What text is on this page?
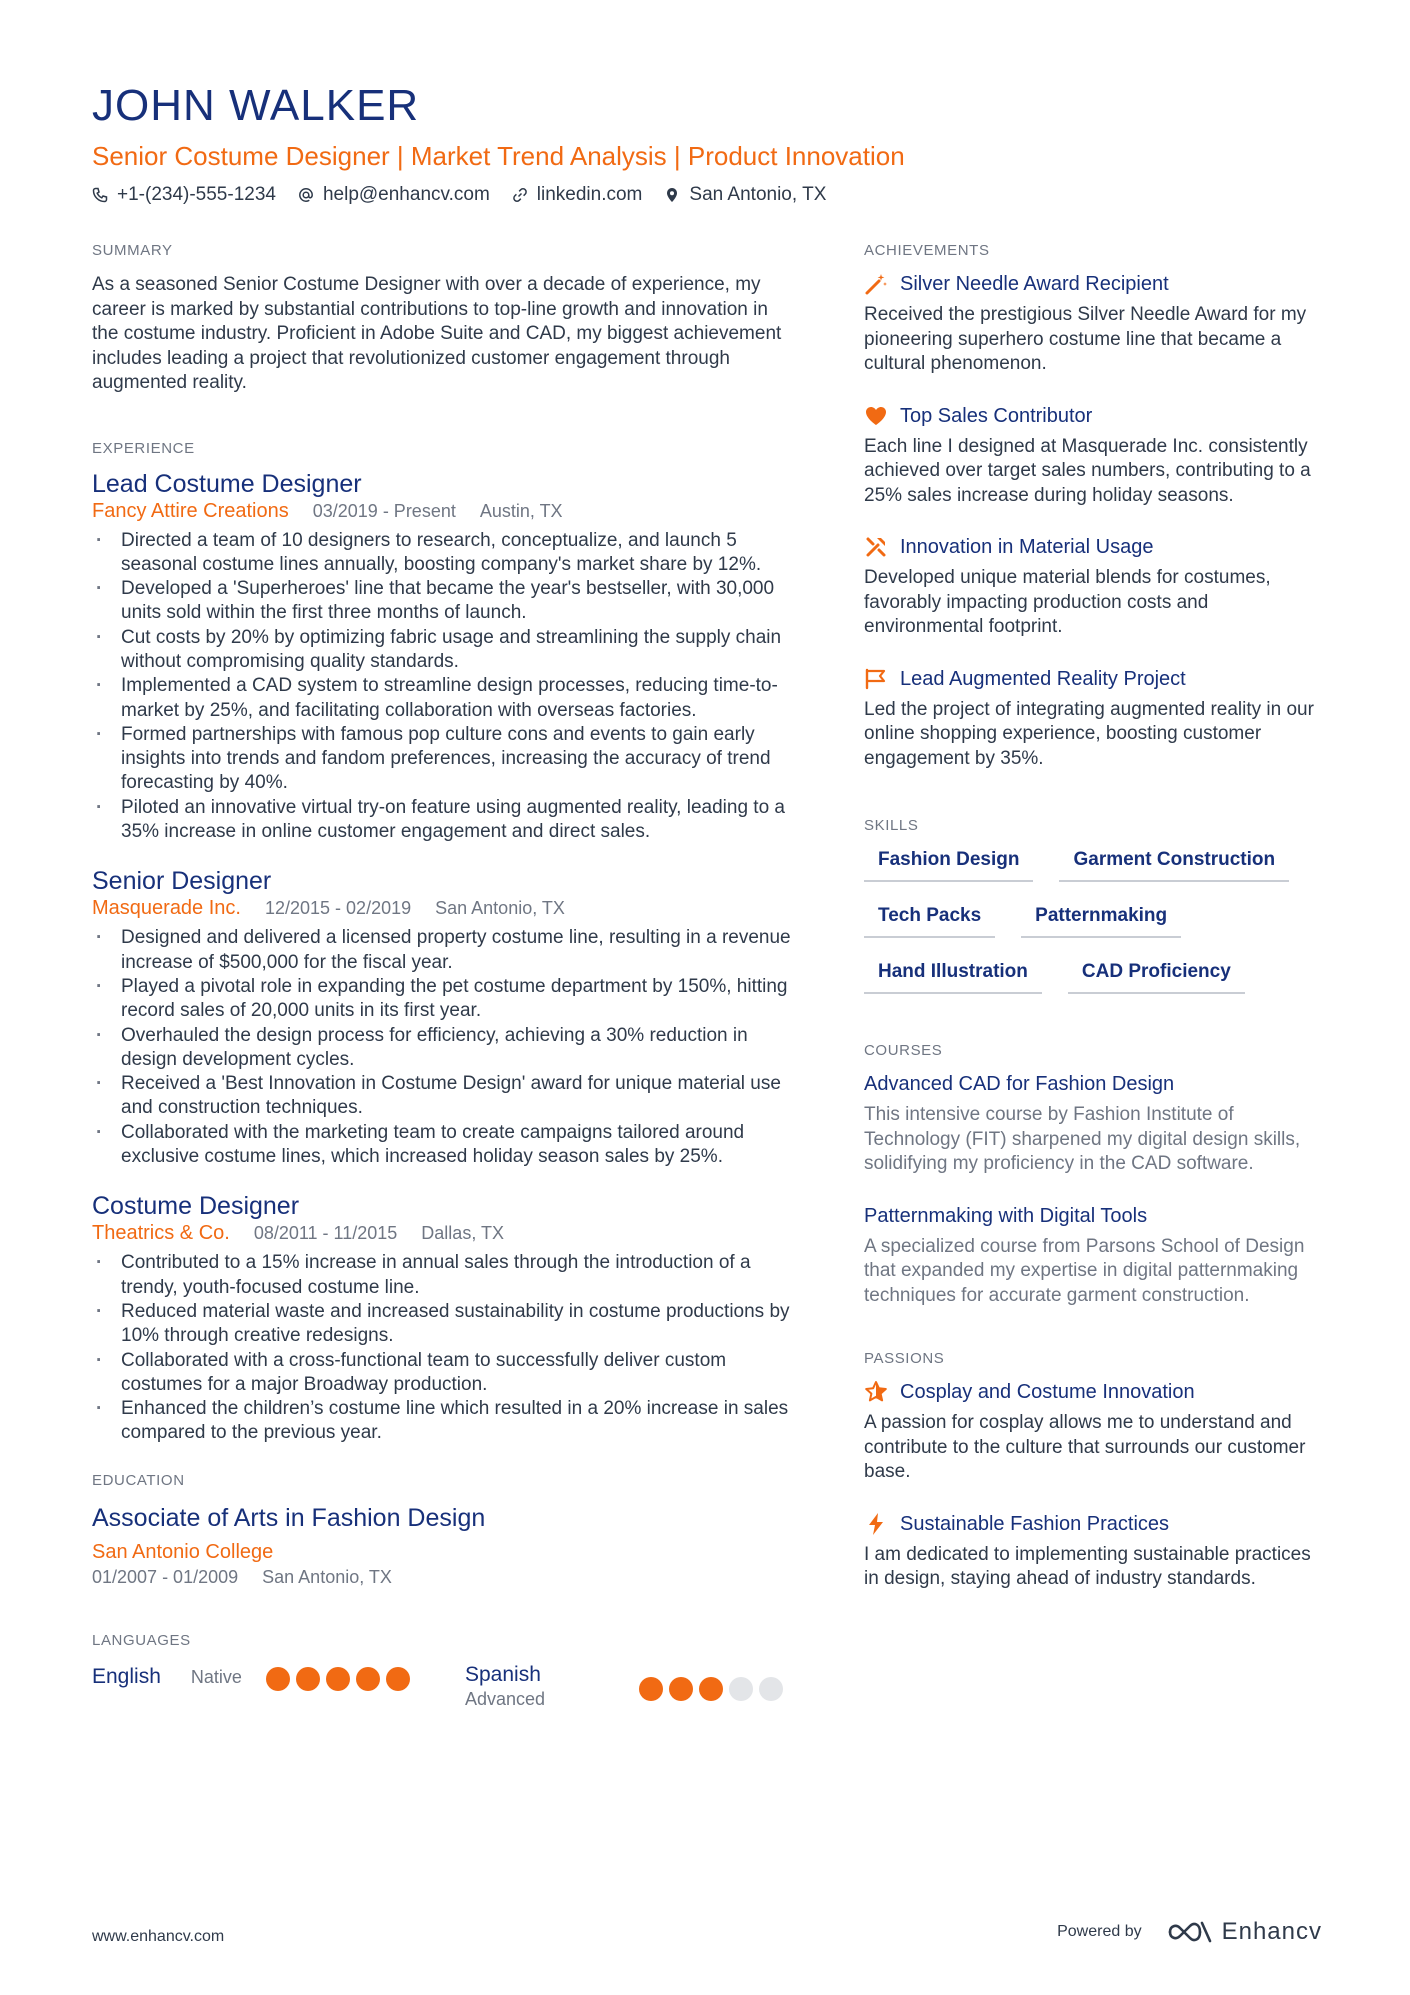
JOHN WALKER
Senior Costume Designer | Market Trend Analysis | Product Innovation
+1-(234)-555-1234 help@enhancv.com linkedin.com San Antonio, TX
SUMMARY
As a seasoned Senior Costume Designer with over a decade of experience, my career is marked by substantial contributions to top-line growth and innovation in the costume industry. Proficient in Adobe Suite and CAD, my biggest achievement includes leading a project that revolutionized customer engagement through augmented reality.
EXPERIENCE
Lead Costume Designer
Fancy Attire Creations 03/2019 - Present Austin, TX
· Directed a team of 10 designers to research, conceptualize, and launch 5 seasonal costume lines annually, boosting company's market share by 12%.
· Developed a 'Superheroes' line that became the year's bestseller, with 30,000 units sold within the first three months of launch.
· Cut costs by 20% by optimizing fabric usage and streamlining the supply chain without compromising quality standards.
· Implemented a CAD system to streamline design processes, reducing time-to-market by 25%, and facilitating collaboration with overseas factories.
· Formed partnerships with famous pop culture cons and events to gain early insights into trends and fandom preferences, increasing the accuracy of trend forecasting by 40%.
· Piloted an innovative virtual try-on feature using augmented reality, leading to a 35% increase in online customer engagement and direct sales.
Senior Designer
Masquerade Inc. 12/2015 - 02/2019 San Antonio, TX
· Designed and delivered a licensed property costume line, resulting in a revenue increase of $500,000 for the fiscal year.
· Played a pivotal role in expanding the pet costume department by 150%, hitting record sales of 20,000 units in its first year.
· Overhauled the design process for efficiency, achieving a 30% reduction in design development cycles.
· Received a 'Best Innovation in Costume Design' award for unique material use and construction techniques.
· Collaborated with the marketing team to create campaigns tailored around exclusive costume lines, which increased holiday season sales by 25%.
Costume Designer
Theatrics & Co. 08/2011 - 11/2015 Dallas, TX
· Contributed to a 15% increase in annual sales through the introduction of a trendy, youth-focused costume line.
· Reduced material waste and increased sustainability in costume productions by 10% through creative redesigns.
· Collaborated with a cross-functional team to successfully deliver custom costumes for a major Broadway production.
· Enhanced the children’s costume line which resulted in a 20% increase in sales compared to the previous year.
EDUCATION
Associate of Arts in Fashion Design
San Antonio College
01/2007 - 01/2009 San Antonio, TX
LANGUAGES
English Native	Spanish
Advanced
ACHIEVEMENTS
Silver Needle Award Recipient
Received the prestigious Silver Needle Award for my pioneering superhero costume line that became a cultural phenomenon.
Top Sales Contributor
Each line I designed at Masquerade Inc. consistently achieved over target sales numbers, contributing to a 25% sales increase during holiday seasons.
Innovation in Material Usage
Developed unique material blends for costumes, favorably impacting production costs and environmental footprint.
Lead Augmented Reality Project
Led the project of integrating augmented reality in our online shopping experience, boosting customer engagement by 35%.
SKILLS
Fashion Design	Garment Construction
Tech Packs	Patternmaking
Hand Illustration	CAD Proficiency
COURSES
Advanced CAD for Fashion Design
This intensive course by Fashion Institute of Technology (FIT) sharpened my digital design skills, solidifying my proficiency in the CAD software.
Patternmaking with Digital Tools
A specialized course from Parsons School of Design that expanded my expertise in digital patternmaking techniques for accurate garment construction.
PASSIONS
Cosplay and Costume Innovation
A passion for cosplay allows me to understand and contribute to the culture that surrounds our customer base.
Sustainable Fashion Practices
I am dedicated to implementing sustainable practices in design, staying ahead of industry standards.
www.enhancv.com	Powered by	Enhancv
